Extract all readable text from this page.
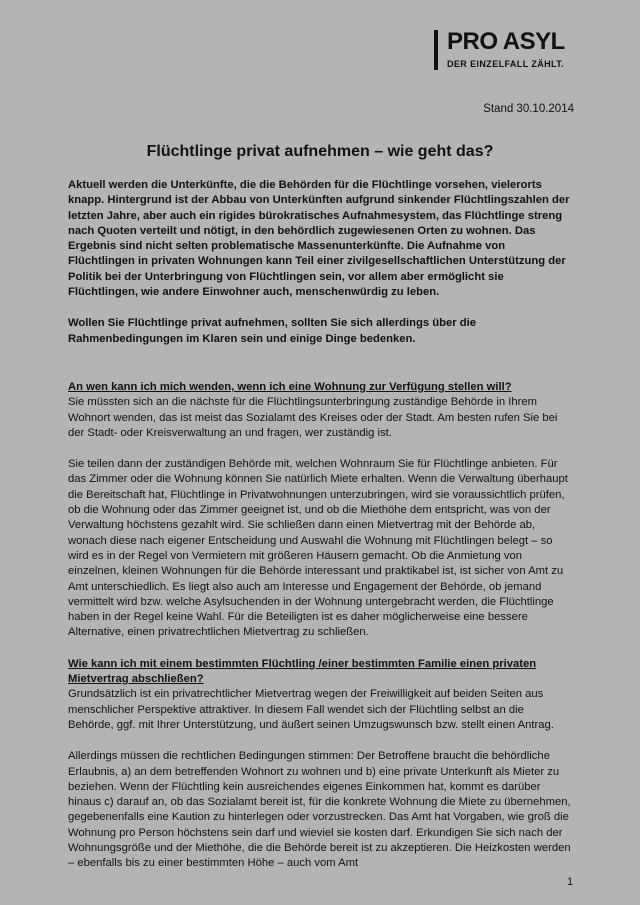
PRO ASYL
DER EINZELFALL ZÄHLT.
Stand 30.10.2014
Flüchtlinge privat aufnehmen – wie geht das?

Aktuell werden die Unterkünfte, die die Behörden für die Flüchtlinge vorsehen, vielerorts knapp. Hintergrund ist der Abbau von Unterkünften aufgrund sinkender Flüchtlingszahlen der letzten Jahre, aber auch ein rigides bürokratisches Aufnahmesystem, das Flüchtlinge streng nach Quoten verteilt und nötigt, in den behördlich zugewiesenen Orten zu wohnen. Das Ergebnis sind nicht selten problematische Massenunterkünfte. Die Aufnahme von Flüchtlingen in privaten Wohnungen kann Teil einer zivilgesellschaftlichen Unterstützung der Politik bei der Unterbringung von Flüchtlingen sein, vor allem aber ermöglicht sie Flüchtlingen, wie andere Einwohner auch, menschenwürdig zu leben.

Wollen Sie Flüchtlinge privat aufnehmen, sollten Sie sich allerdings über die Rahmenbedingungen im Klaren sein und einige Dinge bedenken.

An wen kann ich mich wenden, wenn ich eine Wohnung zur Verfügung stellen will?

Sie müssten sich an die nächste für die Flüchtlingsunterbringung zuständige Behörde in Ihrem Wohnort wenden, das ist meist das Sozialamt des Kreises oder der Stadt. Am besten rufen Sie bei der Stadt- oder Kreisverwaltung an und fragen, wer zuständig ist.

Sie teilen dann der zuständigen Behörde mit, welchen Wohnraum Sie für Flüchtlinge anbieten. Für das Zimmer oder die Wohnung können Sie natürlich Miete erhalten. Wenn die Verwaltung überhaupt die Bereitschaft hat, Flüchtlinge in Privatwohnungen unterzubringen, wird sie voraussichtlich prüfen, ob die Wohnung oder das Zimmer geeignet ist, und ob die Miethöhe dem entspricht, was von der Verwaltung höchstens gezahlt wird. Sie schließen dann einen Mietvertrag mit der Behörde ab, wonach diese nach eigener Entscheidung und Auswahl die Wohnung mit Flüchtlingen belegt – so wird es in der Regel von Vermietern mit größeren Häusern gemacht. Ob die Anmietung von einzelnen, kleinen Wohnungen für die Behörde interessant und praktikabel ist, ist sicher von Amt zu Amt unterschiedlich. Es liegt also auch am Interesse und Engagement der Behörde, ob jemand vermittelt wird bzw. welche Asylsuchenden in der Wohnung untergebracht werden, die Flüchtlinge haben in der Regel keine Wahl. Für die Beteiligten ist es daher möglicherweise eine bessere Alternative, einen privatrechtlichen Mietvertrag zu schließen.

Wie kann ich mit einem bestimmten Flüchtling /einer bestimmten Familie einen privaten Mietvertrag abschließen?

Grundsätzlich ist ein privatrechtlicher Mietvertrag wegen der Freiwilligkeit auf beiden Seiten aus menschlicher Perspektive attraktiver. In diesem Fall wendet sich der Flüchtling selbst an die Behörde, ggf. mit Ihrer Unterstützung, und äußert seinen Umzugswunsch bzw. stellt einen Antrag.

Allerdings müssen die rechtlichen Bedingungen stimmen: Der Betroffene braucht die behördliche Erlaubnis, a) an dem betreffenden Wohnort zu wohnen und b) eine private Unterkunft als Mieter zu beziehen. Wenn der Flüchtling kein ausreichendes eigenes Einkommen hat, kommt es darüber hinaus c) darauf an, ob das Sozialamt bereit ist, für die konkrete Wohnung die Miete zu übernehmen, gegebenenfalls eine Kaution zu hinterlegen oder vorzustrecken. Das Amt hat Vorgaben, wie groß die Wohnung pro Person höchstens sein darf und wieviel sie kosten darf. Erkundigen Sie sich nach der Wohnungsgröße und der Miethöhe, die die Behörde bereit ist zu akzeptieren. Die Heizkosten werden – ebenfalls bis zu einer bestimmten Höhe – auch vom Amt

1
